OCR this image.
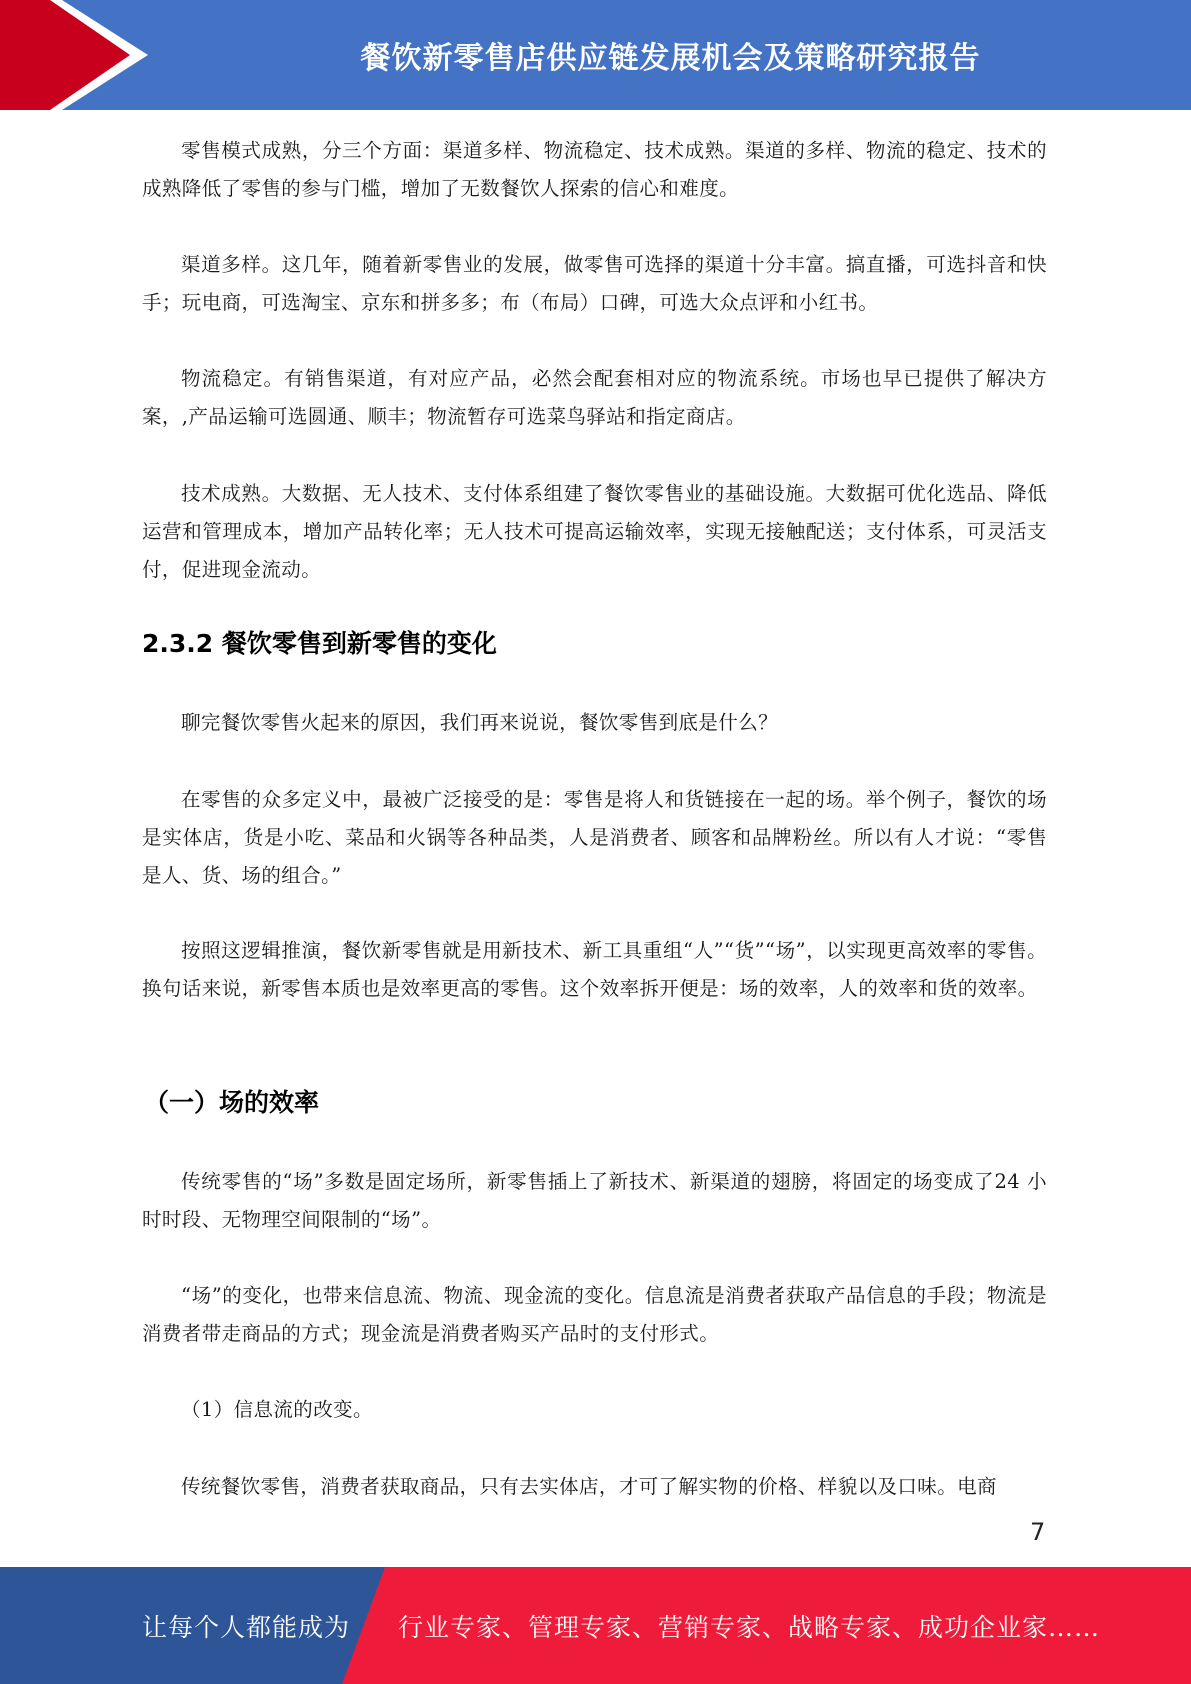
餐饮新零售店供应链发展机会及策略研究报告

零售模式成熟，分三个方面：渠道多样、物流稳定、技术成熟。渠道的多样、物流的稳定、技术的成熟降低了零售的参与门槛，增加了无数餐饮人探索的信心和难度。

渠道多样。这几年，随着新零售业的发展，做零售可选择的渠道十分丰富。搞直播，可选抖音和快手；玩电商，可选淘宝、京东和拼多多；布（布局）口碑，可选大众点评和小红书。

物流稳定。有销售渠道，有对应产品，必然会配套相对应的物流系统。市场也早已提供了解决方案，,产品运输可选圆通、顺丰；物流暂存可选菜鸟驿站和指定商店。

技术成熟。大数据、无人技术、支付体系组建了餐饮零售业的基础设施。大数据可优化选品、降低运营和管理成本，增加产品转化率；无人技术可提高运输效率，实现无接触配送；支付体系，可灵活支付，促进现金流动。

2.3.2 餐饮零售到新零售的变化

聊完餐饮零售火起来的原因，我们再来说说，餐饮零售到底是什么？

在零售的众多定义中，最被广泛接受的是：零售是将人和货链接在一起的场。举个例子，餐饮的场是实体店，货是小吃、菜品和火锅等各种品类，人是消费者、顾客和品牌粉丝。所以有人才说：“零售是人、货、场的组合。”

按照这逻辑推演，餐饮新零售就是用新技术、新工具重组“人”“货”“场”，以实现更高效率的零售。换句话来说，新零售本质也是效率更高的零售。这个效率拆开便是：场的效率，人的效率和货的效率。

（一）场的效率

传统零售的“场”多数是固定场所，新零售插上了新技术、新渠道的翅膀，将固定的场变成了24 小时时段、无物理空间限制的“场”。

“场”的变化，也带来信息流、物流、现金流的变化。信息流是消费者获取产品信息的手段；物流是消费者带走商品的方式；现金流是消费者购买产品时的支付形式。

（1）信息流的改变。

传统餐饮零售，消费者获取商品，只有去实体店，才可了解实物的价格、样貌以及口味。电商

7
让每个人都能成为 行业专家、管理专家、营销专家、战略专家、成功企业家……
